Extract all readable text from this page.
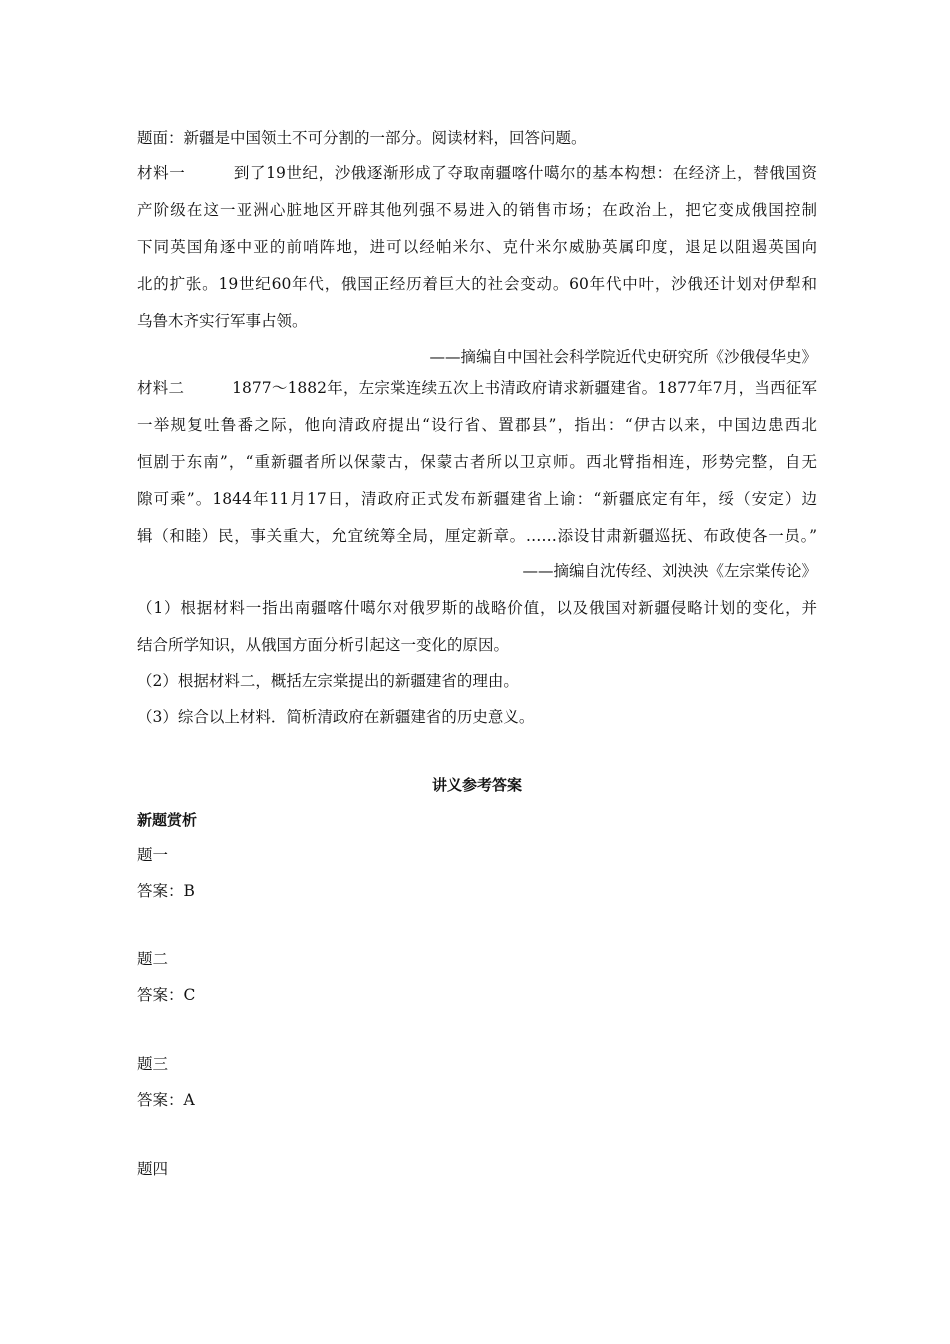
题面：新疆是中国领土不可分割的一部分。阅读材料，回答问题。
材料一	到了19世纪，沙俄逐渐形成了夺取南疆喀什噶尔的基本构想：在经济上，替俄国资
产阶级在这一亚洲心脏地区开辟其他列强不易进入的销售市场；在政治上，把它变成俄国控制
下同英国角逐中亚的前哨阵地，进可以经帕米尔、克什米尔威胁英属印度，退足以阻遏英国向
北的扩张。19世纪60年代，俄国正经历着巨大的社会变动。60年代中叶，沙俄还计划对伊犁和
乌鲁木齐实行军事占领。
——摘编自中国社会科学院近代史研究所《沙俄侵华史》
材料二	1877～1882年，左宗棠连续五次上书清政府请求新疆建省。1877年7月，当西征军
一举规复吐鲁番之际，他向清政府提出“设行省、置郡县”，指出：“伊古以来，中国边患西北
恒剧于东南”，“重新疆者所以保蒙古，保蒙古者所以卫京师。西北臂指相连，形势完整，自无
隙可乘”。1844年11月17日，清政府正式发布新疆建省上谕：“新疆底定有年，绥（安定）边
辑（和睦）民，事关重大，允宜统筹全局，厘定新章。……添设甘肃新疆巡抚、布政使各一员。”
——摘编自沈传经、刘泱泱《左宗棠传论》
（1）根据材料一指出南疆喀什噶尔对俄罗斯的战略价值，以及俄国对新疆侵略计划的变化，并
结合所学知识，从俄国方面分析引起这一变化的原因。
（2）根据材料二，概括左宗棠提出的新疆建省的理由。
（3）综合以上材料．简析清政府在新疆建省的历史意义。
讲义参考答案
新题赏析
题一
答案：B
题二
答案：C
题三
答案：A
题四
